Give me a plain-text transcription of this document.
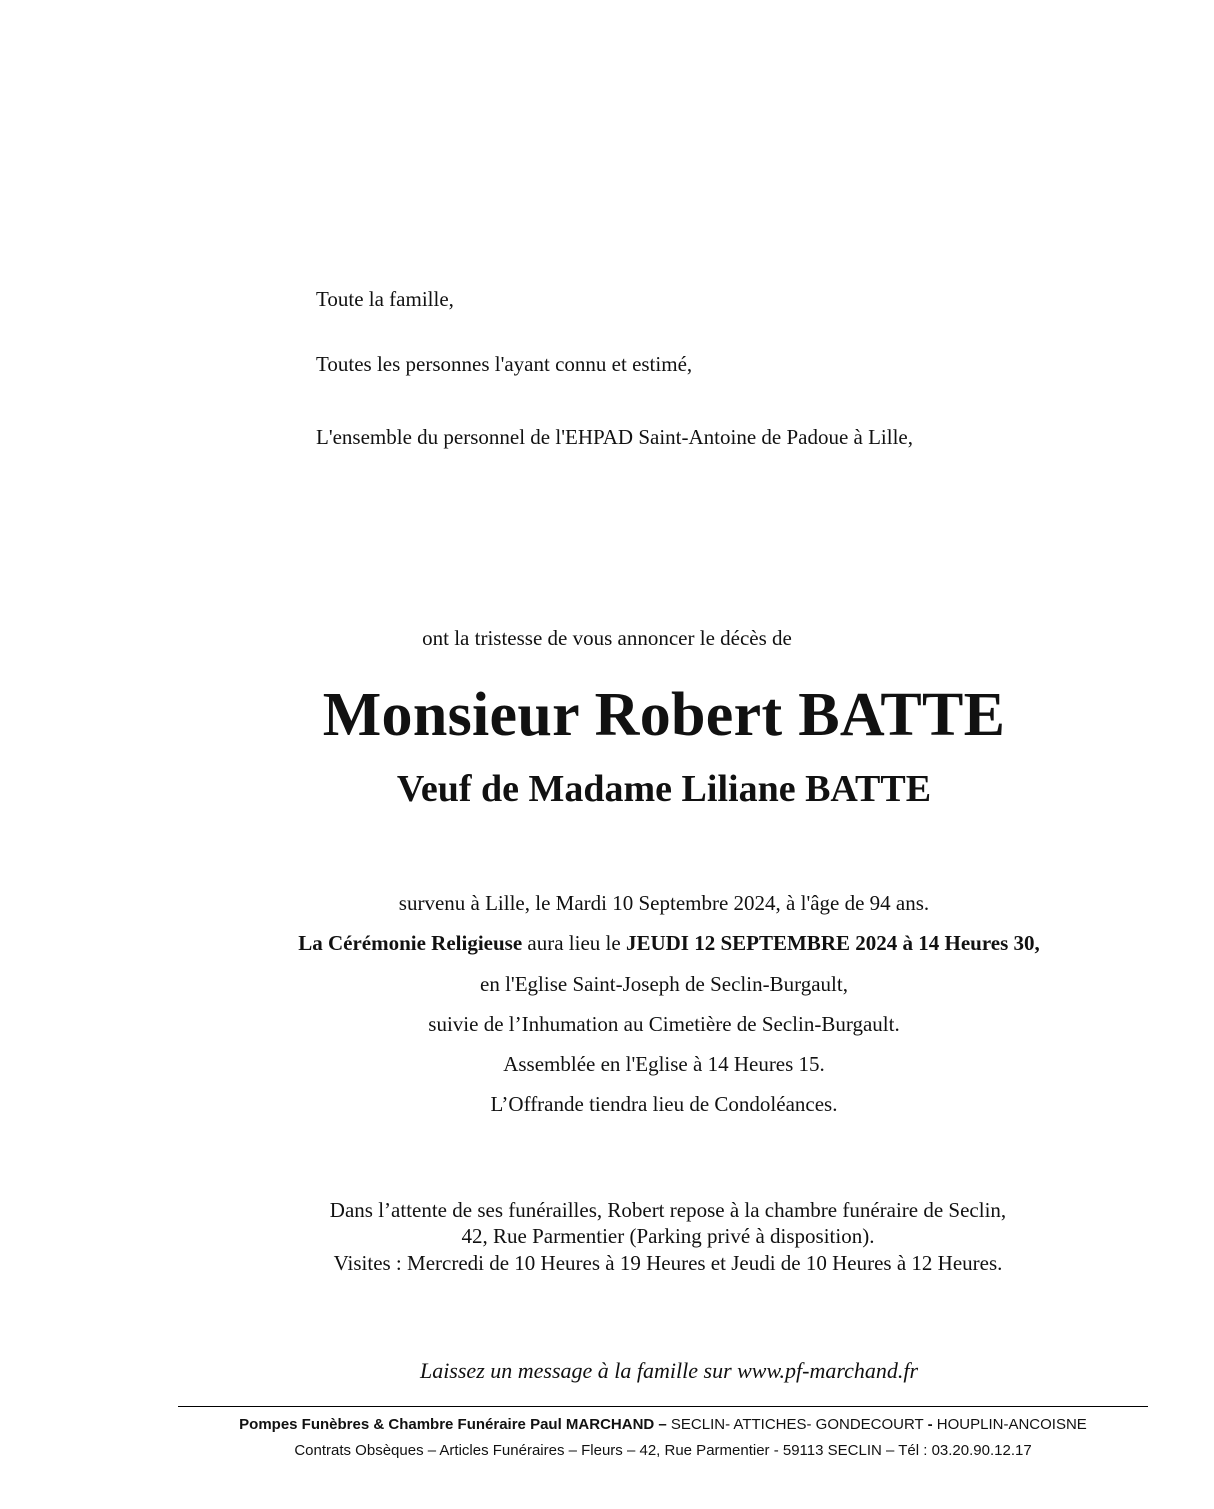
Toute la famille,
Toutes les personnes l'ayant connu et estimé,
L'ensemble du personnel de l'EHPAD Saint-Antoine de Padoue à Lille,
ont la tristesse de vous annoncer le décès de
Monsieur Robert BATTE
Veuf de Madame Liliane BATTE
survenu à Lille, le Mardi 10 Septembre 2024, à l'âge de 94 ans.
La Cérémonie Religieuse aura lieu le JEUDI 12 SEPTEMBRE 2024 à 14 Heures 30,
en l'Eglise Saint-Joseph de Seclin-Burgault,
suivie de l’Inhumation au Cimetière de Seclin-Burgault.
Assemblée en l'Eglise à 14 Heures 15.
L’Offrande tiendra lieu de Condoléances.
Dans l’attente de ses funérailles, Robert repose à la chambre funéraire de Seclin,
42, Rue Parmentier (Parking privé à disposition).
Visites : Mercredi de 10 Heures à 19 Heures et Jeudi de 10 Heures à 12 Heures.
Laissez un message à la famille sur www.pf-marchand.fr
Pompes Funèbres & Chambre Funéraire Paul MARCHAND – SECLIN- ATTICHES- GONDECOURT - HOUPLIN-ANCOISNE
Contrats Obsèques – Articles Funéraires – Fleurs – 42, Rue Parmentier - 59113 SECLIN – Tél : 03.20.90.12.17
